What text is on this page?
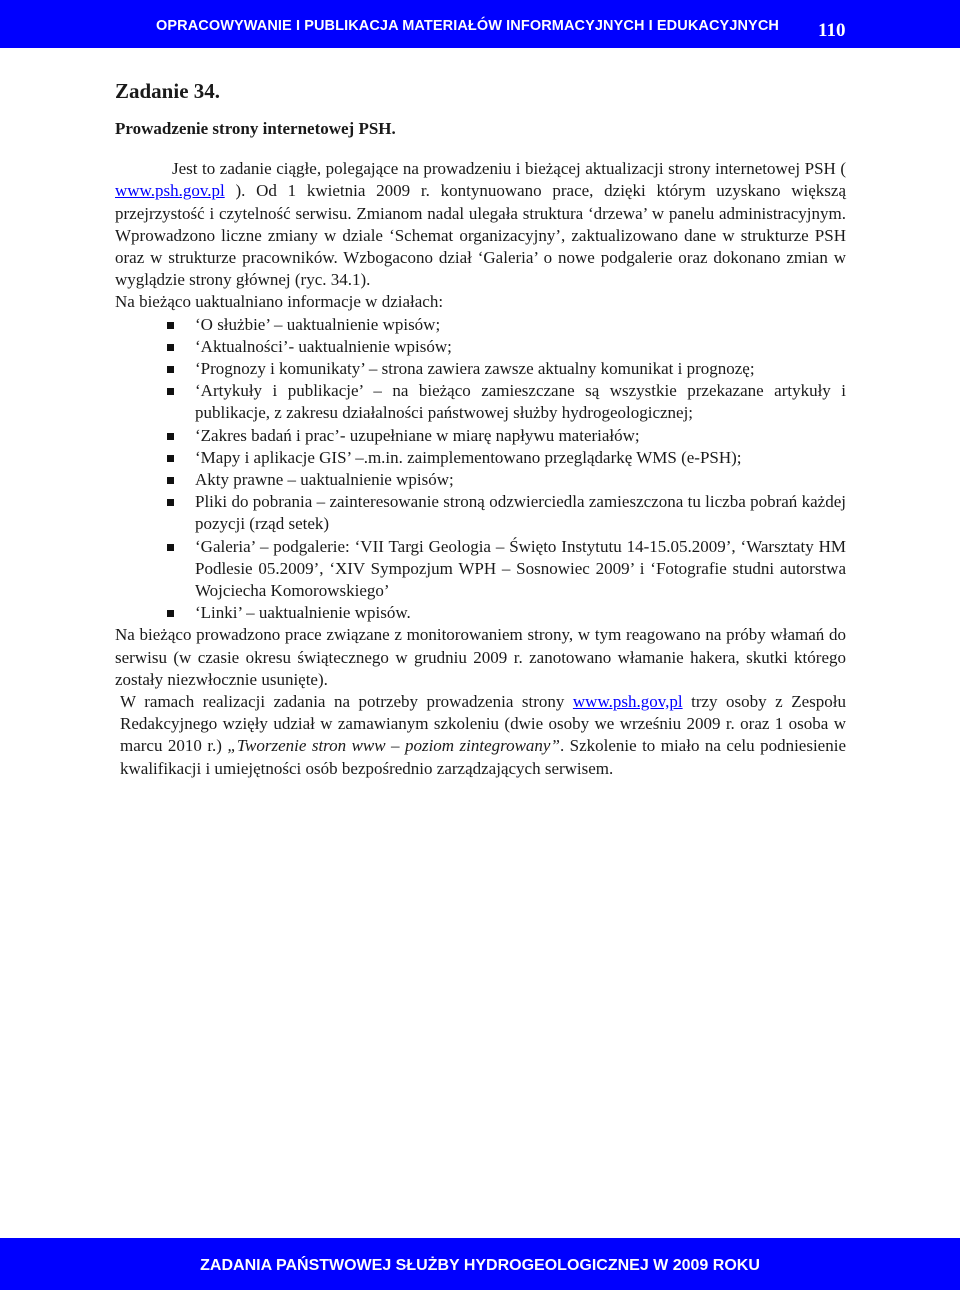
OPRACOWYWANIE I PUBLIKACJA MATERIAŁÓW INFORMACYJNYCH I EDUKACYJNYCH 110
Zadanie 34.
Prowadzenie strony internetowej PSH.

Jest to zadanie ciągłe, polegające na prowadzeniu i bieżącej aktualizacji strony internetowej PSH ( www.psh.gov.pl ). Od 1 kwietnia 2009 r. kontynuowano prace, dzięki którym uzyskano większą przejrzystość i czytelność serwisu. Zmianom nadal ulegała struktura ‘drzewa’ w panelu administracyjnym. Wprowadzono liczne zmiany w dziale ‘Schemat organizacyjny’, zaktualizowano dane w strukturze PSH oraz w strukturze pracowników. Wzbogacono dział ‘Galeria’ o nowe podgalerie oraz dokonano zmian w wyglądzie strony głównej (ryc. 34.1).

Na bieżąco uaktualniano informacje w działach:

‘O służbie’ – uaktualnienie wpisów;
‘Aktualności’- uaktualnienie wpisów;
‘Prognozy i komunikaty’ – strona zawiera zawsze aktualny komunikat i prognozę;
‘Artykuły i publikacje’ – na bieżąco zamieszczane są wszystkie przekazane artykuły i publikacje, z zakresu działalności państwowej służby hydrogeologicznej;
‘Zakres badań i prac’- uzupełniane w miarę napływu materiałów;
‘Mapy i aplikacje GIS’ –.m.in. zaimplementowano przeglądarkę WMS (e-PSH);
Akty prawne – uaktualnienie wpisów;
Pliki do pobrania – zainteresowanie stroną odzwierciedla zamieszczona tu liczba pobrań każdej pozycji (rząd setek)
‘Galeria’ – podgalerie: ‘VII Targi Geologia – Święto Instytutu 14-15.05.2009’, ‘Warsztaty HM Podlesie 05.2009’, ‘XIV Sympozjum WPH – Sosnowiec 2009’ i ‘Fotografie studni autorstwa Wojciecha Komorowskiego’
‘Linki’ – uaktualnienie wpisów.

Na bieżąco prowadzono prace związane z monitorowaniem strony, w tym reagowano na próby włamań do serwisu (w czasie okresu świątecznego w grudniu 2009 r. zanotowano włamanie hakera, skutki którego zostały niezwłocznie usunięte).

W ramach realizacji zadania na potrzeby prowadzenia strony www.psh.gov,pl trzy osoby z Zespołu Redakcyjnego wzięły udział w zamawianym szkoleniu (dwie osoby we wrześniu 2009 r. oraz 1 osoba w marcu 2010 r.) „Tworzenie stron www – poziom zintegrowany”. Szkolenie to miało na celu podniesienie kwalifikacji i umiejętności osób bezpośrednio zarządzających serwisem.

ZADANIA PAŃSTWOWEJ SŁUŻBY HYDROGEOLOGICZNEJ W 2009 ROKU
